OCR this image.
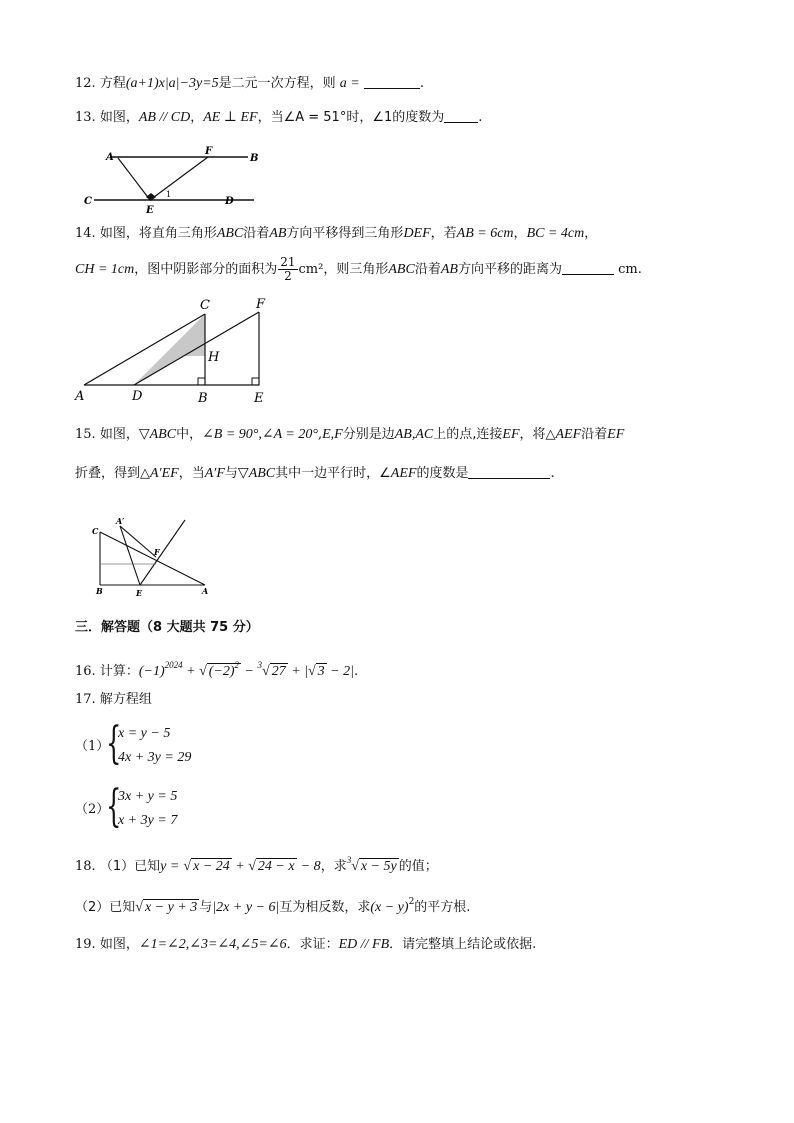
12. 方程(a+1)x|a|−3y=5是二元一次方程，则 a =	.
13. 如图，AB // CD，AE ⊥ EF，当∠A = 51°时，∠1的度数为	.
A
F
B
C
E
D
1
14. 如图，将直角三角形ABC沿着AB方向平移得到三角形DEF，若AB = 6cm，BC = 4cm，
CH = 1cm，图中阴影部分的面积为 $\frac{21}{2} cm^2$，则三角形ABC沿着AB方向平移的距离为	cm.
C	F
H
A	D	B	E
15. 如图，▽ABC中，∠B = 90°,∠A = 20°,E,F分别是边AB,AC上的点,连接EF，将△AEF沿着EF
折叠，得到△A′EF，当A′F与▽ABC其中一边平行时，∠AEF的度数是	.
C
A′
F
B	E	A
三．解答题（8 大题共 75 分）
16. 计算：$(-1)^{2024}$ + √ $(-2)^2 - ^3√$ 27 + |√ 3 − 2|.
17. 解方程组
（1）
{
x = y − 5
4x + 3y = 29
（2）
{
3x + y = 5
x + 3y = 7
18. （1）已知y = √ x − 24 + √ 24 − x − 8，求$^3$√ x − 5y 的值；
（2）已知√ x − y + 3 与|2x + y − 6|互为相反数，求$(x - y)^2$的平方根.
19. 如图，∠1=∠2,∠3=∠4,∠5=∠6．求证：ED // FB．请完整填上结论或依据.
